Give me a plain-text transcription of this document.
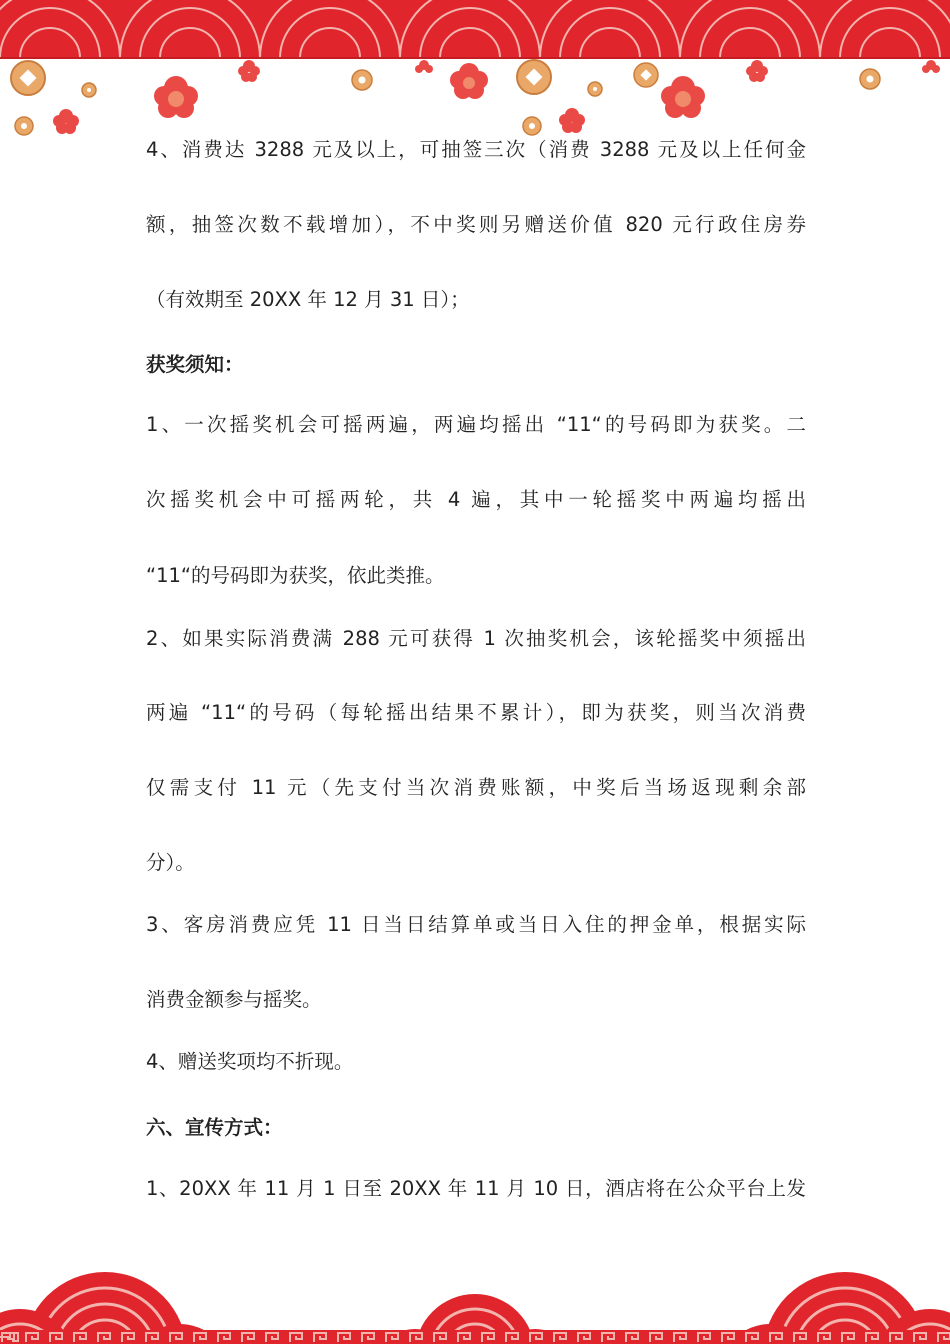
4、消费达 3288 元及以上，可抽签三次（消费 3288 元及以上任何金
额，抽签次数不载增加），不中奖则另赠送价值 820 元行政住房券
（有效期至 20XX 年 12 月 31 日）；
获奖须知：
1、一次摇奖机会可摇两遍，两遍均摇出 “11“的号码即为获奖。二
次摇奖机会中可摇两轮，共 4 遍，其中一轮摇奖中两遍均摇出
“11“的号码即为获奖，依此类推。
2、如果实际消费满 288 元可获得 1 次抽奖机会，该轮摇奖中须摇出
两遍 “11“的号码（每轮摇出结果不累计），即为获奖，则当次消费
仅需支付 11 元（先支付当次消费账额，中奖后当场返现剩余部
分）。
3、客房消费应凭 11 日当日结算单或当日入住的押金单，根据实际
消费金额参与摇奖。
4、赠送奖项均不折现。
六、宣传方式：
1、20XX 年 11 月 1 日至 20XX 年 11 月 10 日，酒店将在公众平台上发
